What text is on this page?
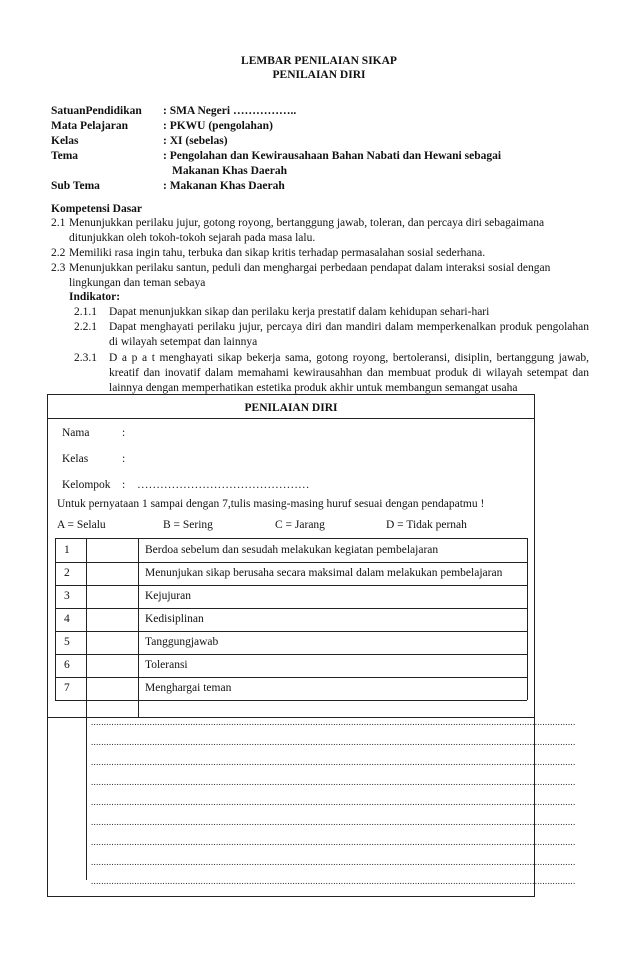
LEMBAR PENILAIAN SIKAP
PENILAIAN DIRI
SatuanPendidikan : SMA Negeri ……………..
Mata Pelajaran	: PKWU (pengolahan)
Kelas	: XI (sebelas)
Tema	: Pengolahan dan Kewirausahaan Bahan Nabati dan Hewani sebagai
Makanan Khas Daerah
Sub Tema	: Makanan Khas Daerah
Kompetensi Dasar
2.1 Menunjukkan perilaku jujur, gotong royong, bertanggung jawab, toleran, dan percaya diri sebagaimana
ditunjukkan oleh tokoh-tokoh sejarah pada masa lalu.
2.2 Memiliki rasa ingin tahu, terbuka dan sikap kritis terhadap permasalahan sosial sederhana.
2.3 Menunjukkan perilaku santun, peduli dan menghargai perbedaan pendapat dalam interaksi sosial dengan
lingkungan dan teman sebaya
Indikator:
2.1.1 Dapat menunjukkan sikap dan perilaku kerja prestatif dalam kehidupan sehari-hari
2.2.1 Dapat menghayati perilaku jujur, percaya diri dan mandiri dalam memperkenalkan produk pengolahan di wilayah setempat dan lainnya
2.3.1 D a p a t menghayati sikap bekerja sama, gotong royong, bertoleransi, disiplin, bertanggung jawab, kreatif dan inovatif dalam memahami kewirausahhan dan membuat produk di wilayah setempat dan lainnya dengan memperhatikan estetika produk akhir untuk membangun semangat usaha
PENILAIAN DIRI
Nama	:
Kelas	:
Kelompok : ………………………………………
Untuk pernyataan 1 sampai dengan 7,tulis masing-masing huruf sesuai dengan pendapatmu !
A = Selalu	B = Sering	C = Jarang	D = Tidak pernah
1	Berdoa sebelum dan sesudah melakukan kegiatan pembelajaran
2	Menunjukan sikap berusaha secara maksimal dalam melakukan pembelajaran
3	Kejujuran
4	Kedisiplinan
5	Tanggungjawab
6	Toleransi
7	Menghargai teman
..............................................................................................................................................................................................
..............................................................................................................................................................................................
..............................................................................................................................................................................................
..............................................................................................................................................................................................
..............................................................................................................................................................................................
..............................................................................................................................................................................................
..............................................................................................................................................................................................
..............................................................................................................................................................................................
..............................................................................................................................................................................................
